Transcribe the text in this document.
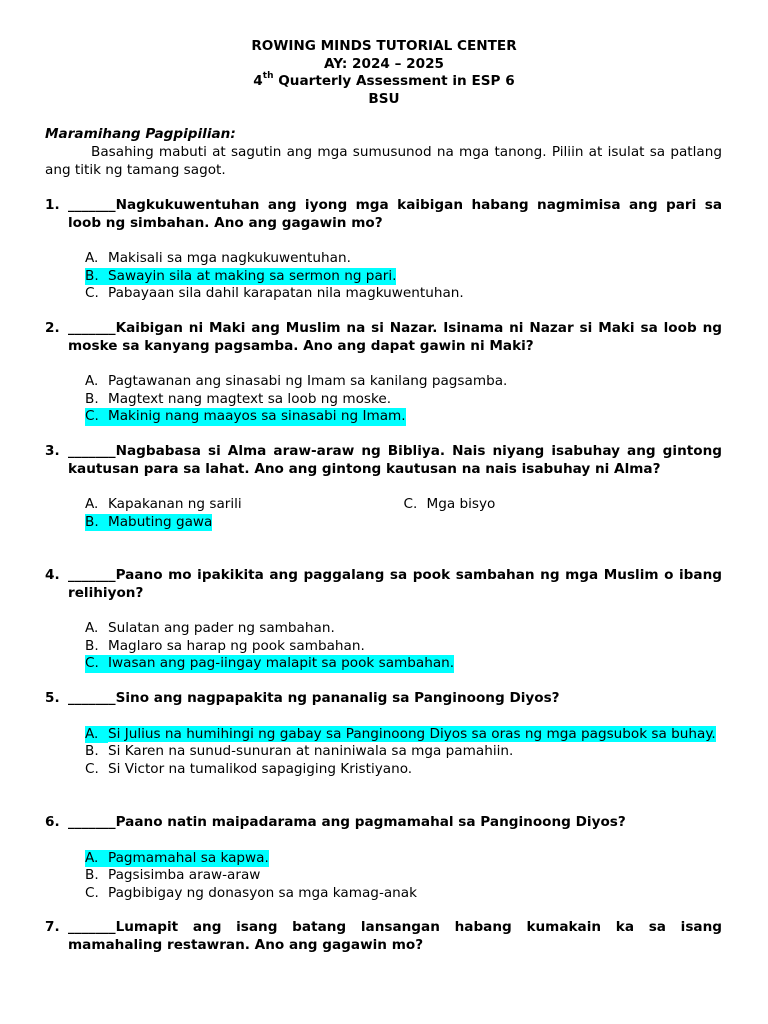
ROWING MINDS TUTORIAL CENTER
AY: 2024 – 2025
4th Quarterly Assessment in ESP 6
BSU
Maramihang Pagpipilian:
Basahing mabuti at sagutin ang mga sumusunod na mga tanong. Piliin at isulat sa patlang ang titik ng tamang sagot.
1. _______Nagkukuwentuhan ang iyong mga kaibigan habang nagmimisa ang pari sa loob ng simbahan. Ano ang gagawin mo?
A. Makisali sa mga nagkukuwentuhan.
B. Sawayin sila at making sa sermon ng pari.
C. Pabayaan sila dahil karapatan nila magkuwentuhan.
2. _______Kaibigan ni Maki ang Muslim na si Nazar. Isinama ni Nazar si Maki sa loob ng moske sa kanyang pagsamba. Ano ang dapat gawin ni Maki?
A. Pagtawanan ang sinasabi ng Imam sa kanilang pagsamba.
B. Magtext nang magtext sa loob ng moske.
C. Makinig nang maayos sa sinasabi ng Imam.
3. _______Nagbabasa si Alma araw-araw ng Bibliya. Nais niyang isabuhay ang gintong kautusan para sa lahat. Ano ang gintong kautusan na nais isabuhay ni Alma?
A. Kapakanan ng sarili
B. Mabuting gawa
C. Mga bisyo
4. _______Paano mo ipakikita ang paggalang sa pook sambahan ng mga Muslim o ibang relihiyon?
A. Sulatan ang pader ng sambahan.
B. Maglaro sa harap ng pook sambahan.
C. Iwasan ang pag-iingay malapit sa pook sambahan.
5. _______Sino ang nagpapakita ng pananalig sa Panginoong Diyos?
A. Si Julius na humihingi ng gabay sa Panginoong Diyos sa oras ng mga pagsubok sa buhay.
B. Si Karen na sunud-sunuran at naniniwala sa mga pamahiin.
C. Si Victor na tumalikod sapagiging Kristiyano.
6. _______Paano natin maipadarama ang pagmamahal sa Panginoong Diyos?
A. Pagmamahal sa kapwa.
B. Pagsisimba araw-araw
C. Pagbibigay ng donasyon sa mga kamag-anak
7. _______Lumapit ang isang batang lansangan habang kumakain ka sa isang mamahaling restawran. Ano ang gagawin mo?
